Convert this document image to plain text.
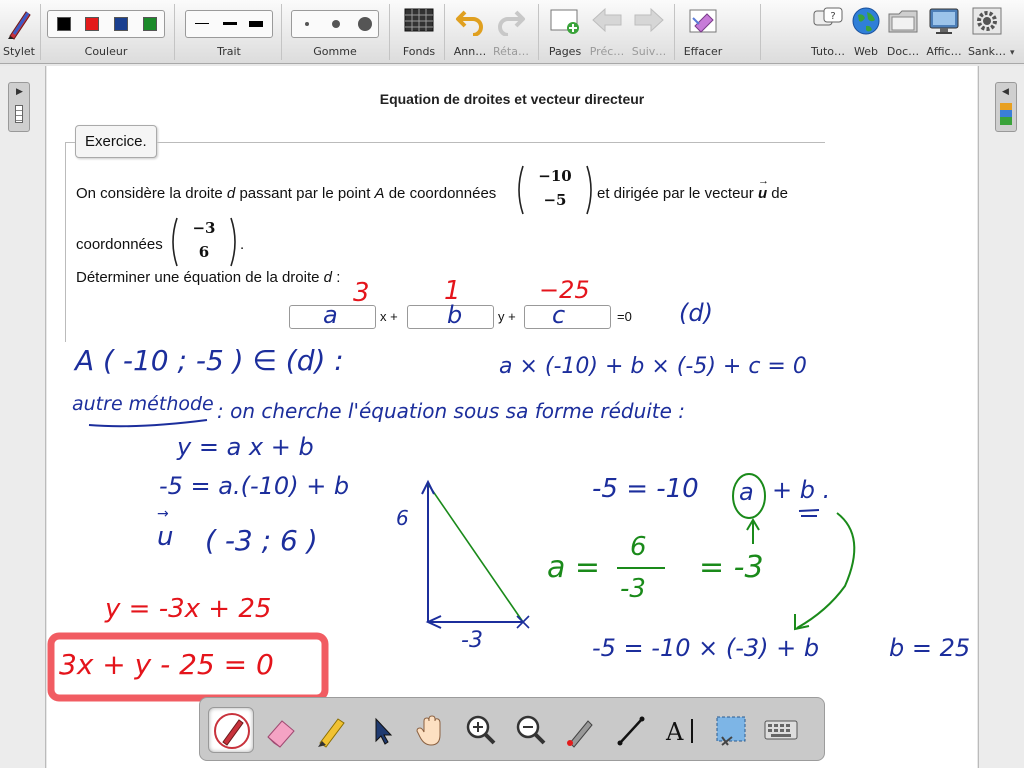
Stylet	Couleur	Trait	Gomme	Fonds	Ann… Réta…	Pages Préc… Suiv…	Effacer
?
Tuto… Web Doc… Affic… Sank… ▾
▶	◀
Equation de droites et vecteur directeur
Exercice.
On considère la droite d passant par le point A de coordonnées
−10
−5	et dirigée par le vecteur
→
u de
coordonnées
−3
6	.
Déterminer une équation de la droite d :
x +	y +	=0
a	b	c
3	1	−25
(d)
A ( -10 ; -5 ) ∈ (d) :	a × (-10) + b × (-5) + c = 0
autre méthode : on cherche l'équation sous sa forme réduite :
y = a x + b
-5 = a.(-10) + b
→
u ( -3 ; 6 )
6
-3
-5 = -10 a + b .
a =
6
-3
= -3
-5 = -10 × (-3) + b	b = 25
y = -3x + 25
3x + y - 25 = 0
A
